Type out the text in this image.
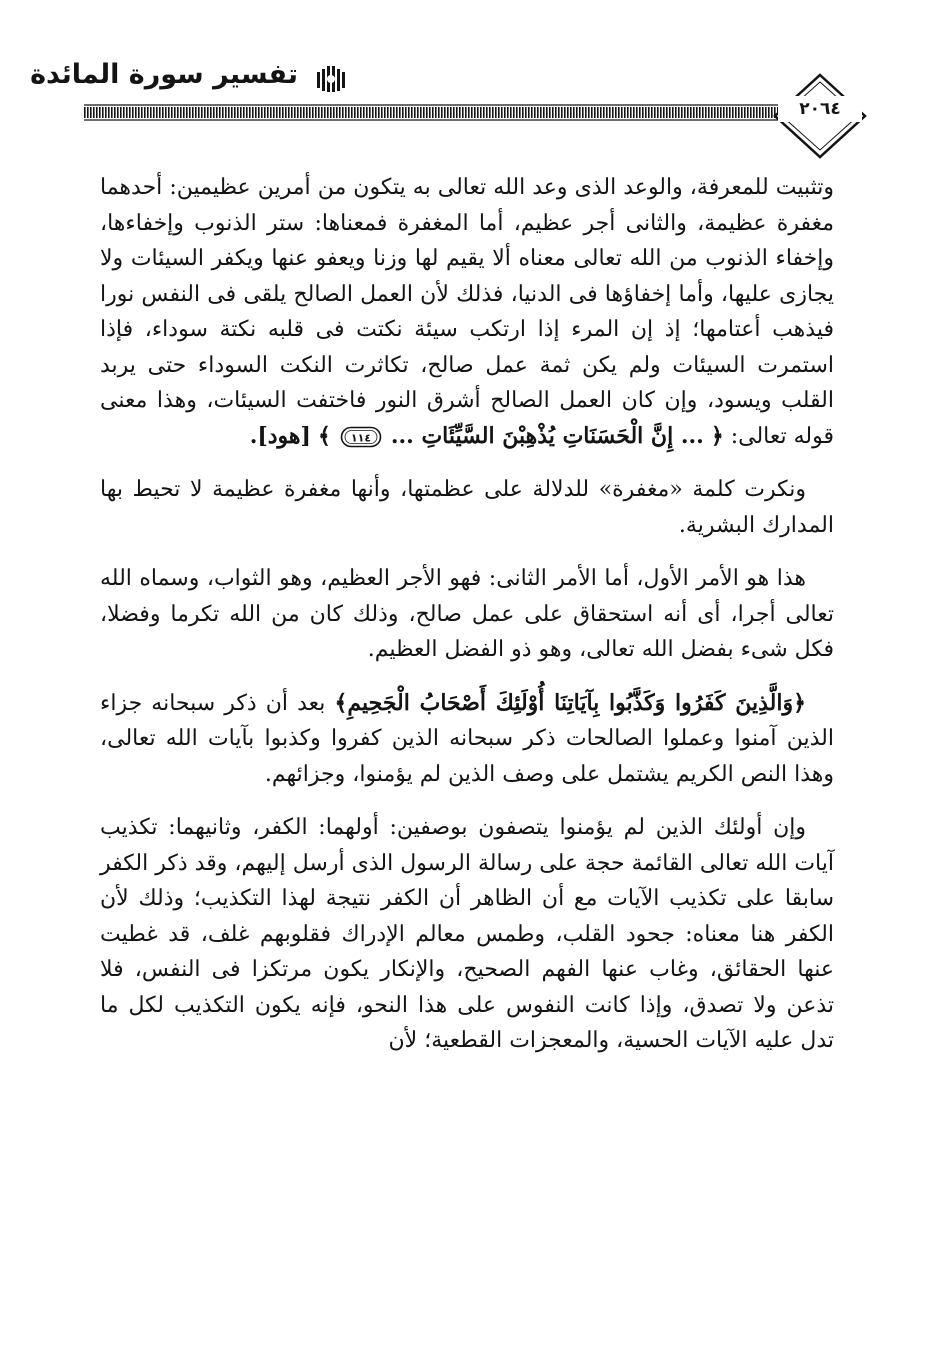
تفسير سورة المائدة
٢٠٦٤

وتثبيت للمعرفة، والوعد الذى وعد الله تعالى به يتكون من أمرين عظيمين: أحدهما مغفرة عظيمة، والثانى أجر عظيم، أما المغفرة فمعناها: ستر الذنوب وإخفاءها، وإخفاء الذنوب من الله تعالى معناه ألا يقيم لها وزنا ويعفو عنها ويكفر السيئات ولا يجازى عليها، وأما إخفاؤها فى الدنيا، فذلك لأن العمل الصالح يلقى فى النفس نورا فيذهب أعتامها؛ إذ إن المرء إذا ارتكب سيئة نكتت فى قلبه نكتة سوداء، فإذا استمرت السيئات ولم يكن ثمة عمل صالح، تكاثرت النكت السوداء حتى يربد القلب ويسود، وإن كان العمل الصالح أشرق النور فاختفت السيئات، وهذا معنى قوله تعالى: ﴿ ... إِنَّ الْحَسَنَاتِ يُذْهِبْنَ السَّيِّئَاتِ ...
١١٤
﴾ [هود].

ونكرت كلمة «مغفرة» للدلالة على عظمتها، وأنها مغفرة عظيمة لا تحيط بها المدارك البشرية.

هذا هو الأمر الأول، أما الأمر الثانى: فهو الأجر العظيم، وهو الثواب، وسماه الله تعالى أجرا، أى أنه استحقاق على عمل صالح، وذلك كان من الله تكرما وفضلا، فكل شىء بفضل الله تعالى، وهو ذو الفضل العظيم.

﴿وَالَّذِينَ كَفَرُوا وَكَذَّبُوا بِآيَاتِنَا أُوْلَئِكَ أَصْحَابُ الْجَحِيمِ﴾ بعد أن ذكر سبحانه جزاء الذين آمنوا وعملوا الصالحات ذكر سبحانه الذين كفروا وكذبوا بآيات الله تعالى، وهذا النص الكريم يشتمل على وصف الذين لم يؤمنوا، وجزائهم.

وإن أولئك الذين لم يؤمنوا يتصفون بوصفين: أولهما: الكفر، وثانيهما: تكذيب آيات الله تعالى القائمة حجة على رسالة الرسول الذى أرسل إليهم، وقد ذكر الكفر سابقا على تكذيب الآيات مع أن الظاهر أن الكفر نتيجة لهذا التكذيب؛ وذلك لأن الكفر هنا معناه: جحود القلب، وطمس معالم الإدراك فقلوبهم غلف، قد غطيت عنها الحقائق، وغاب عنها الفهم الصحيح، والإنكار يكون مرتكزا فى النفس، فلا تذعن ولا تصدق، وإذا كانت النفوس على هذا النحو، فإنه يكون التكذيب لكل ما تدل عليه الآيات الحسية، والمعجزات القطعية؛ لأن
